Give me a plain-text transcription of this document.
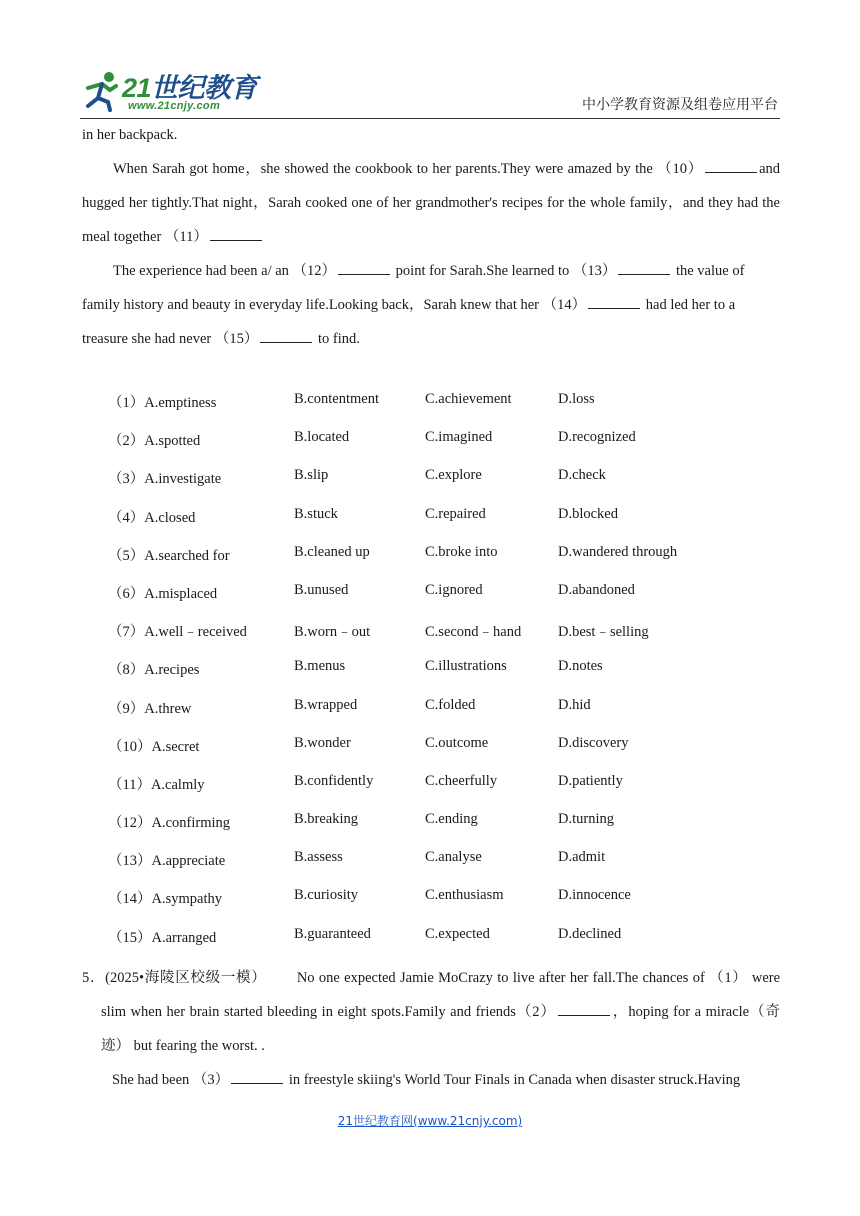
21世纪教育
www.21cnjy.com	中小学教育资源及组卷应用平台

in her backpack.

When Sarah got home，she showed the cookbook to her parents.They were amazed by the （10）	and hugged her tightly.That night，Sarah cooked one of her grandmother's recipes for the whole family，and they had the meal together （11）

The experience had been a/ an （12）	point for Sarah.She learned to （13）	the value of family history and beauty in everyday life.Looking back，Sarah knew that her （14）	had led her to a treasure she had never （15）	to find.

（1）A.emptiness	B.contentment	C.achievement	D.loss
（2）A.spotted	B.located	C.imagined	D.recognized
（3）A.investigate	B.slip	C.explore	D.check
（4）A.closed	B.stuck	C.repaired	D.blocked
（5）A.searched for	B.cleaned up	C.broke into	D.wandered through
（6）A.misplaced	B.unused	C.ignored	D.abandoned
（7）A.well﹣received	B.worn﹣out	C.second﹣hand	D.best﹣selling
（8）A.recipes	B.menus	C.illustrations	D.notes
（9）A.threw	B.wrapped	C.folded	D.hid
（10）A.secret	B.wonder	C.outcome	D.discovery
（11）A.calmly	B.confidently	C.cheerfully	D.patiently
（12）A.confirming	B.breaking	C.ending	D.turning
（13）A.appreciate	B.assess	C.analyse	D.admit
（14）A.sympathy	B.curiosity	C.enthusiasm	D.innocence
（15）A.arranged	B.guaranteed	C.expected	D.declined

5．(2025•海陵区校级一模） No one expected Jamie MoCrazy to live after her fall.The chances of （1） were slim when her brain started bleeding in eight spots.Family and friends（2）	，hoping for a miracle（奇迹） but fearing the worst. .

She had been （3）	in freestyle skiing's World Tour Finals in Canada when disaster struck.Having

21世纪教育网(www.21cnjy.com)
